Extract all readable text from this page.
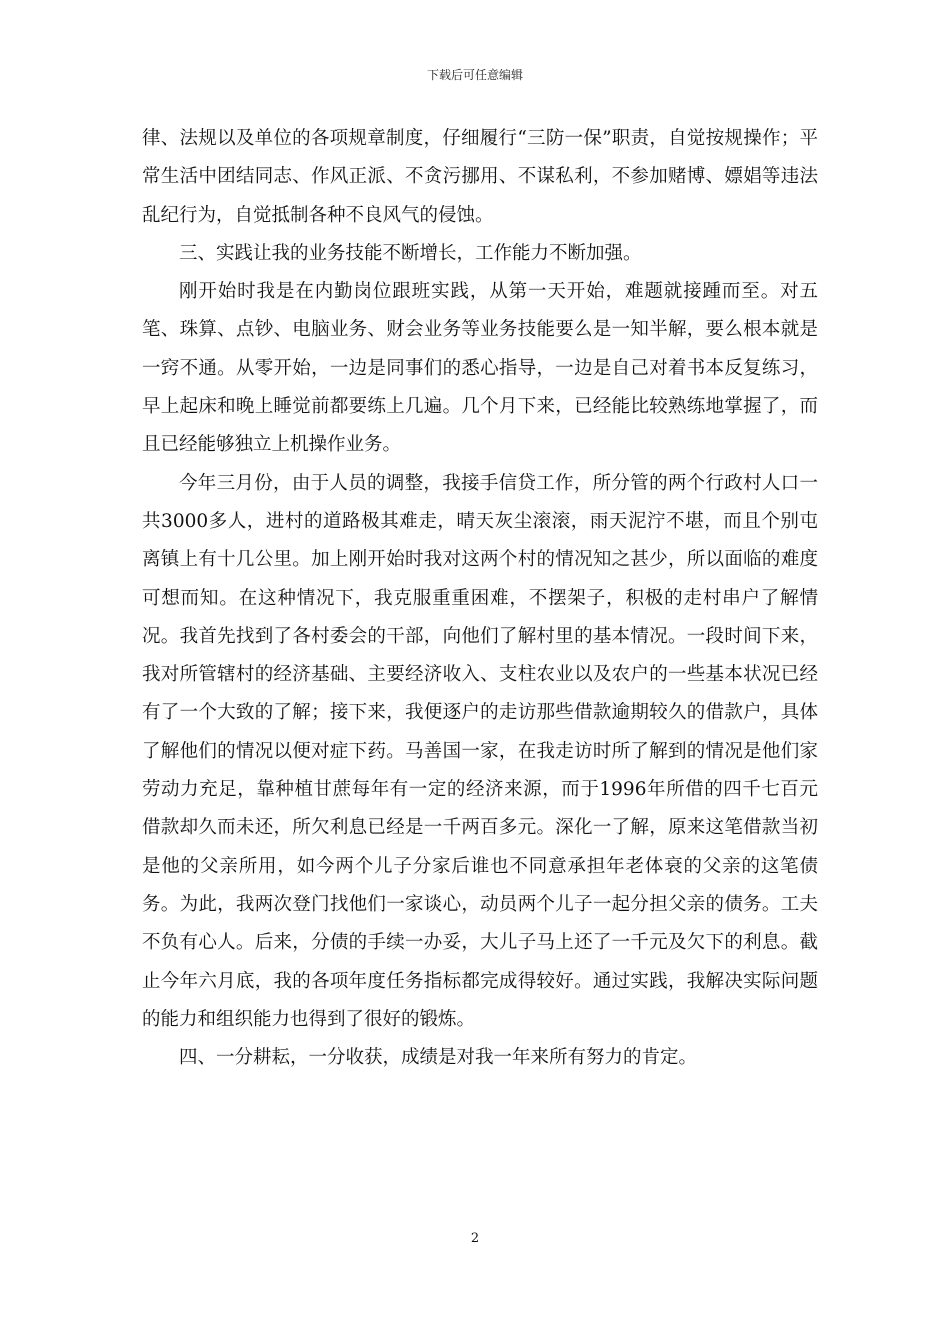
下载后可任意编辑

律、法规以及单位的各项规章制度，仔细履行“三防一保”职责，自觉按规操作；平常生活中团结同志、作风正派、不贪污挪用、不谋私利，不参加赌博、嫖娼等违法乱纪行为，自觉抵制各种不良风气的侵蚀。

三、实践让我的业务技能不断增长，工作能力不断加强。

刚开始时我是在内勤岗位跟班实践，从第一天开始，难题就接踵而至。对五笔、珠算、点钞、电脑业务、财会业务等业务技能要么是一知半解，要么根本就是一窍不通。从零开始，一边是同事们的悉心指导，一边是自己对着书本反复练习，早上起床和晚上睡觉前都要练上几遍。几个月下来，已经能比较熟练地掌握了，而且已经能够独立上机操作业务。

今年三月份，由于人员的调整，我接手信贷工作，所分管的两个行政村人口一共3000多人，进村的道路极其难走，晴天灰尘滚滚，雨天泥泞不堪，而且个别屯离镇上有十几公里。加上刚开始时我对这两个村的情况知之甚少，所以面临的难度可想而知。在这种情况下，我克服重重困难，不摆架子，积极的走村串户了解情况。我首先找到了各村委会的干部，向他们了解村里的基本情况。一段时间下来，我对所管辖村的经济基础、主要经济收入、支柱农业以及农户的一些基本状况已经有了一个大致的了解；接下来，我便逐户的走访那些借款逾期较久的借款户，具体了解他们的情况以便对症下药。马善国一家，在我走访时所了解到的情况是他们家劳动力充足，靠种植甘蔗每年有一定的经济来源，而于1996年所借的四千七百元借款却久而未还，所欠利息已经是一千两百多元。深化一了解，原来这笔借款当初是他的父亲所用，如今两个儿子分家后谁也不同意承担年老体衰的父亲的这笔债务。为此，我两次登门找他们一家谈心，动员两个儿子一起分担父亲的债务。工夫不负有心人。后来，分债的手续一办妥，大儿子马上还了一千元及欠下的利息。截止今年六月底，我的各项年度任务指标都完成得较好。通过实践，我解决实际问题的能力和组织能力也得到了很好的锻炼。

四、一分耕耘，一分收获，成绩是对我一年来所有努力的肯定。

2
